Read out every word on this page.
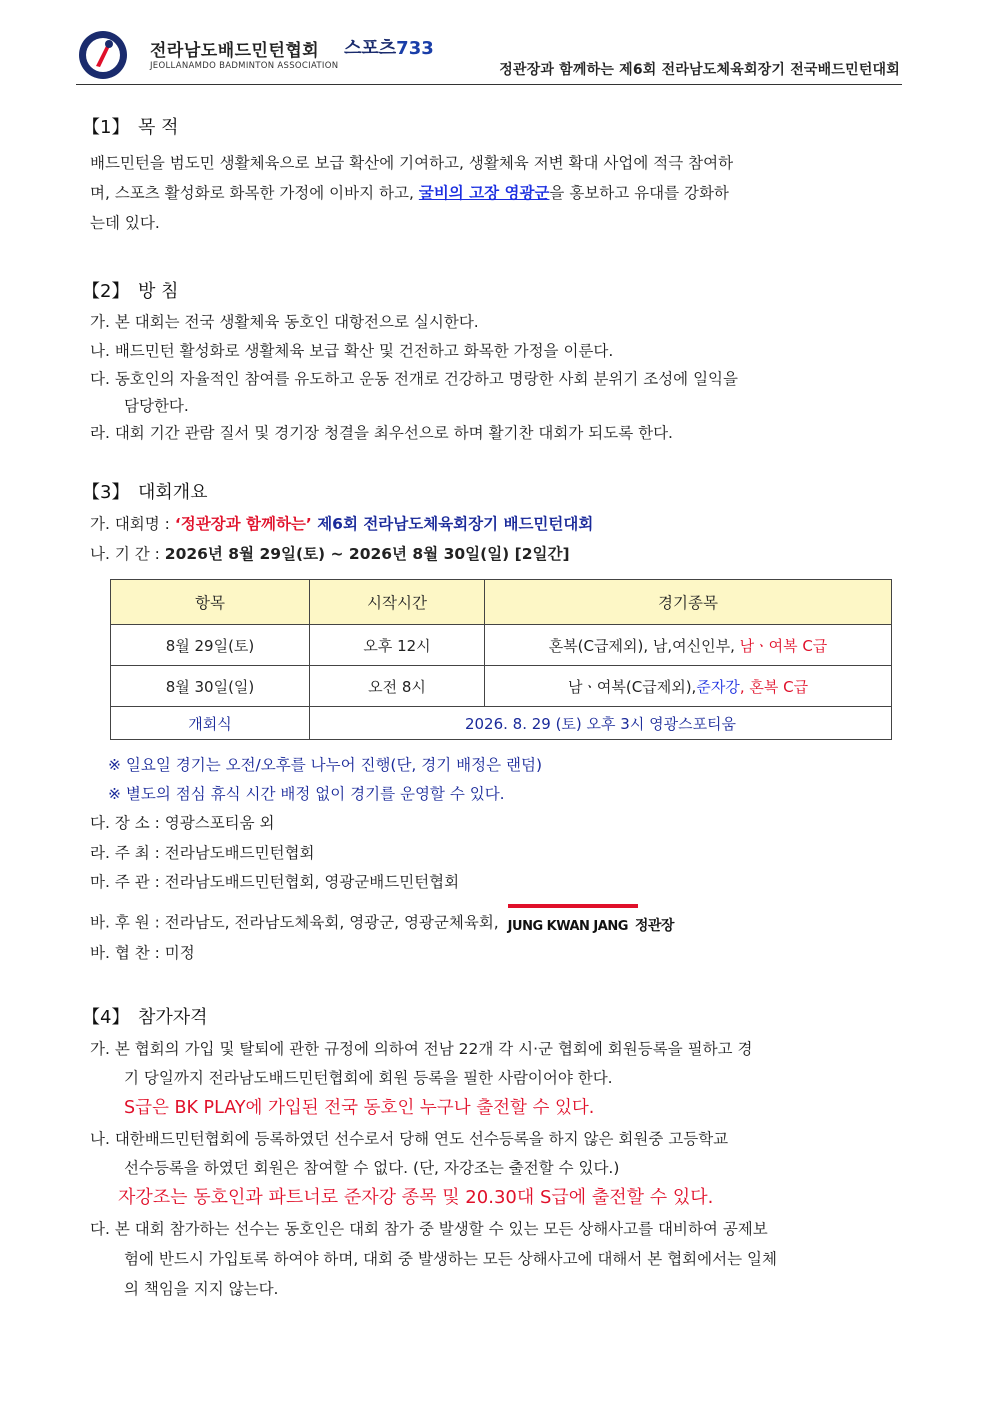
전라남도배드민턴협회
JEOLLANAMDO BADMINTON ASSOCIATION
스포츠733
정관장과 함께하는 제6회 전라남도체육회장기 전국배드민턴대회
【1】 목 적
배드민턴을 범도민 생활체육으로 보급 확산에 기여하고, 생활체육 저변 확대 사업에 적극 참여하
며, 스포츠 활성화로 화목한 가정에 이바지 하고, 굴비의 고장 영광군을 홍보하고 유대를 강화하
는데 있다.
【2】 방 침
가. 본 대회는 전국 생활체육 동호인 대항전으로 실시한다.
나. 배드민턴 활성화로 생활체육 보급 확산 및 건전하고 화목한 가정을 이룬다.
다. 동호인의 자율적인 참여를 유도하고 운동 전개로 건강하고 명랑한 사회 분위기 조성에 일익을
담당한다.
라. 대회 기간 관람 질서 및 경기장 청결을 최우선으로 하며 활기찬 대회가 되도록 한다.
【3】 대회개요
가. 대회명 : ‘정관장과 함께하는’ 제6회 전라남도체육회장기 배드민턴대회
나. 기 간 : 2026년 8월 29일(토) ~ 2026년 8월 30일(일) [2일간]
항목	시작시간	경기종목
8월 29일(토)	오후 12시	혼복(C급제외), 남,여신인부, 남ㆍ여복 C급
8월 30일(일)	오전 8시	남ㆍ여복(C급제외),준자강, 혼복 C급
개회식	2026. 8. 29 (토) 오후 3시 영광스포티움	
※ 일요일 경기는 오전/오후를 나누어 진행(단, 경기 배정은 랜덤)
※ 별도의 점심 휴식 시간 배정 없이 경기를 운영할 수 있다.
다. 장 소 : 영광스포티움 외
라. 주 최 : 전라남도배드민턴협회
마. 주 관 : 전라남도배드민턴협회, 영광군배드민턴협회
바. 후 원 : 전라남도, 전라남도체육회, 영광군, 영광군체육회, JUNG KWAN JANG 정관장
바. 협 찬 : 미정
【4】 참가자격
가. 본 협회의 가입 및 탈퇴에 관한 규정에 의하여 전남 22개 각 시·군 협회에 회원등록을 필하고 경
기 당일까지 전라남도배드민턴협회에 회원 등록을 필한 사람이어야 한다.
S급은 BK PLAY에 가입된 전국 동호인 누구나 출전할 수 있다.
나. 대한배드민턴협회에 등록하였던 선수로서 당해 연도 선수등록을 하지 않은 회원중 고등학교
선수등록을 하였던 회원은 참여할 수 없다. (단, 자강조는 출전할 수 있다.)
자강조는 동호인과 파트너로 준자강 종목 및 20.30대 S급에 출전할 수 있다.
다. 본 대회 참가하는 선수는 동호인은 대회 참가 중 발생할 수 있는 모든 상해사고를 대비하여 공제보
험에 반드시 가입토록 하여야 하며, 대회 중 발생하는 모든 상해사고에 대해서 본 협회에서는 일체
의 책임을 지지 않는다.
